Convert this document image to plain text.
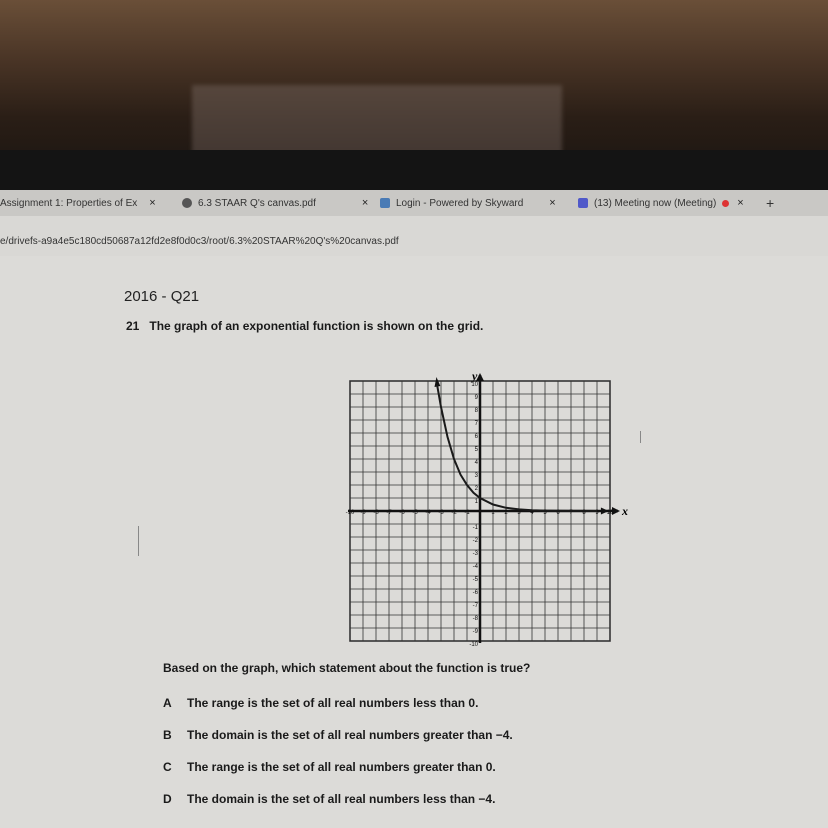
Assignment 1: Properties of Ex ×	6.3 STAAR Q's canvas.pdf	×	Login - Powered by Skyward ×	(13) Meeting now (Meeting) × +
e/drivefs-a9a4e5c180cd50687a12fd2e8f0d0c3/root/6.3%20STAAR%20Q's%20canvas.pdf
2016 - Q21
21 The graph of an exponential function is shown on the grid.
-10 -9 -8 -7 -6 -5 -4 -3 -2 -1	1 2 3 4 5 6 7 8 9 10
-10
-9
-8
-7
-6
-5
-4
-3
-2
-1
1
2
3
4
5
6
7
8
9
10
x
y
Based on the graph, which statement about the function is true?
A The range is the set of all real numbers less than 0.
B The domain is the set of all real numbers greater than −4.
C The range is the set of all real numbers greater than 0.
D The domain is the set of all real numbers less than −4.
